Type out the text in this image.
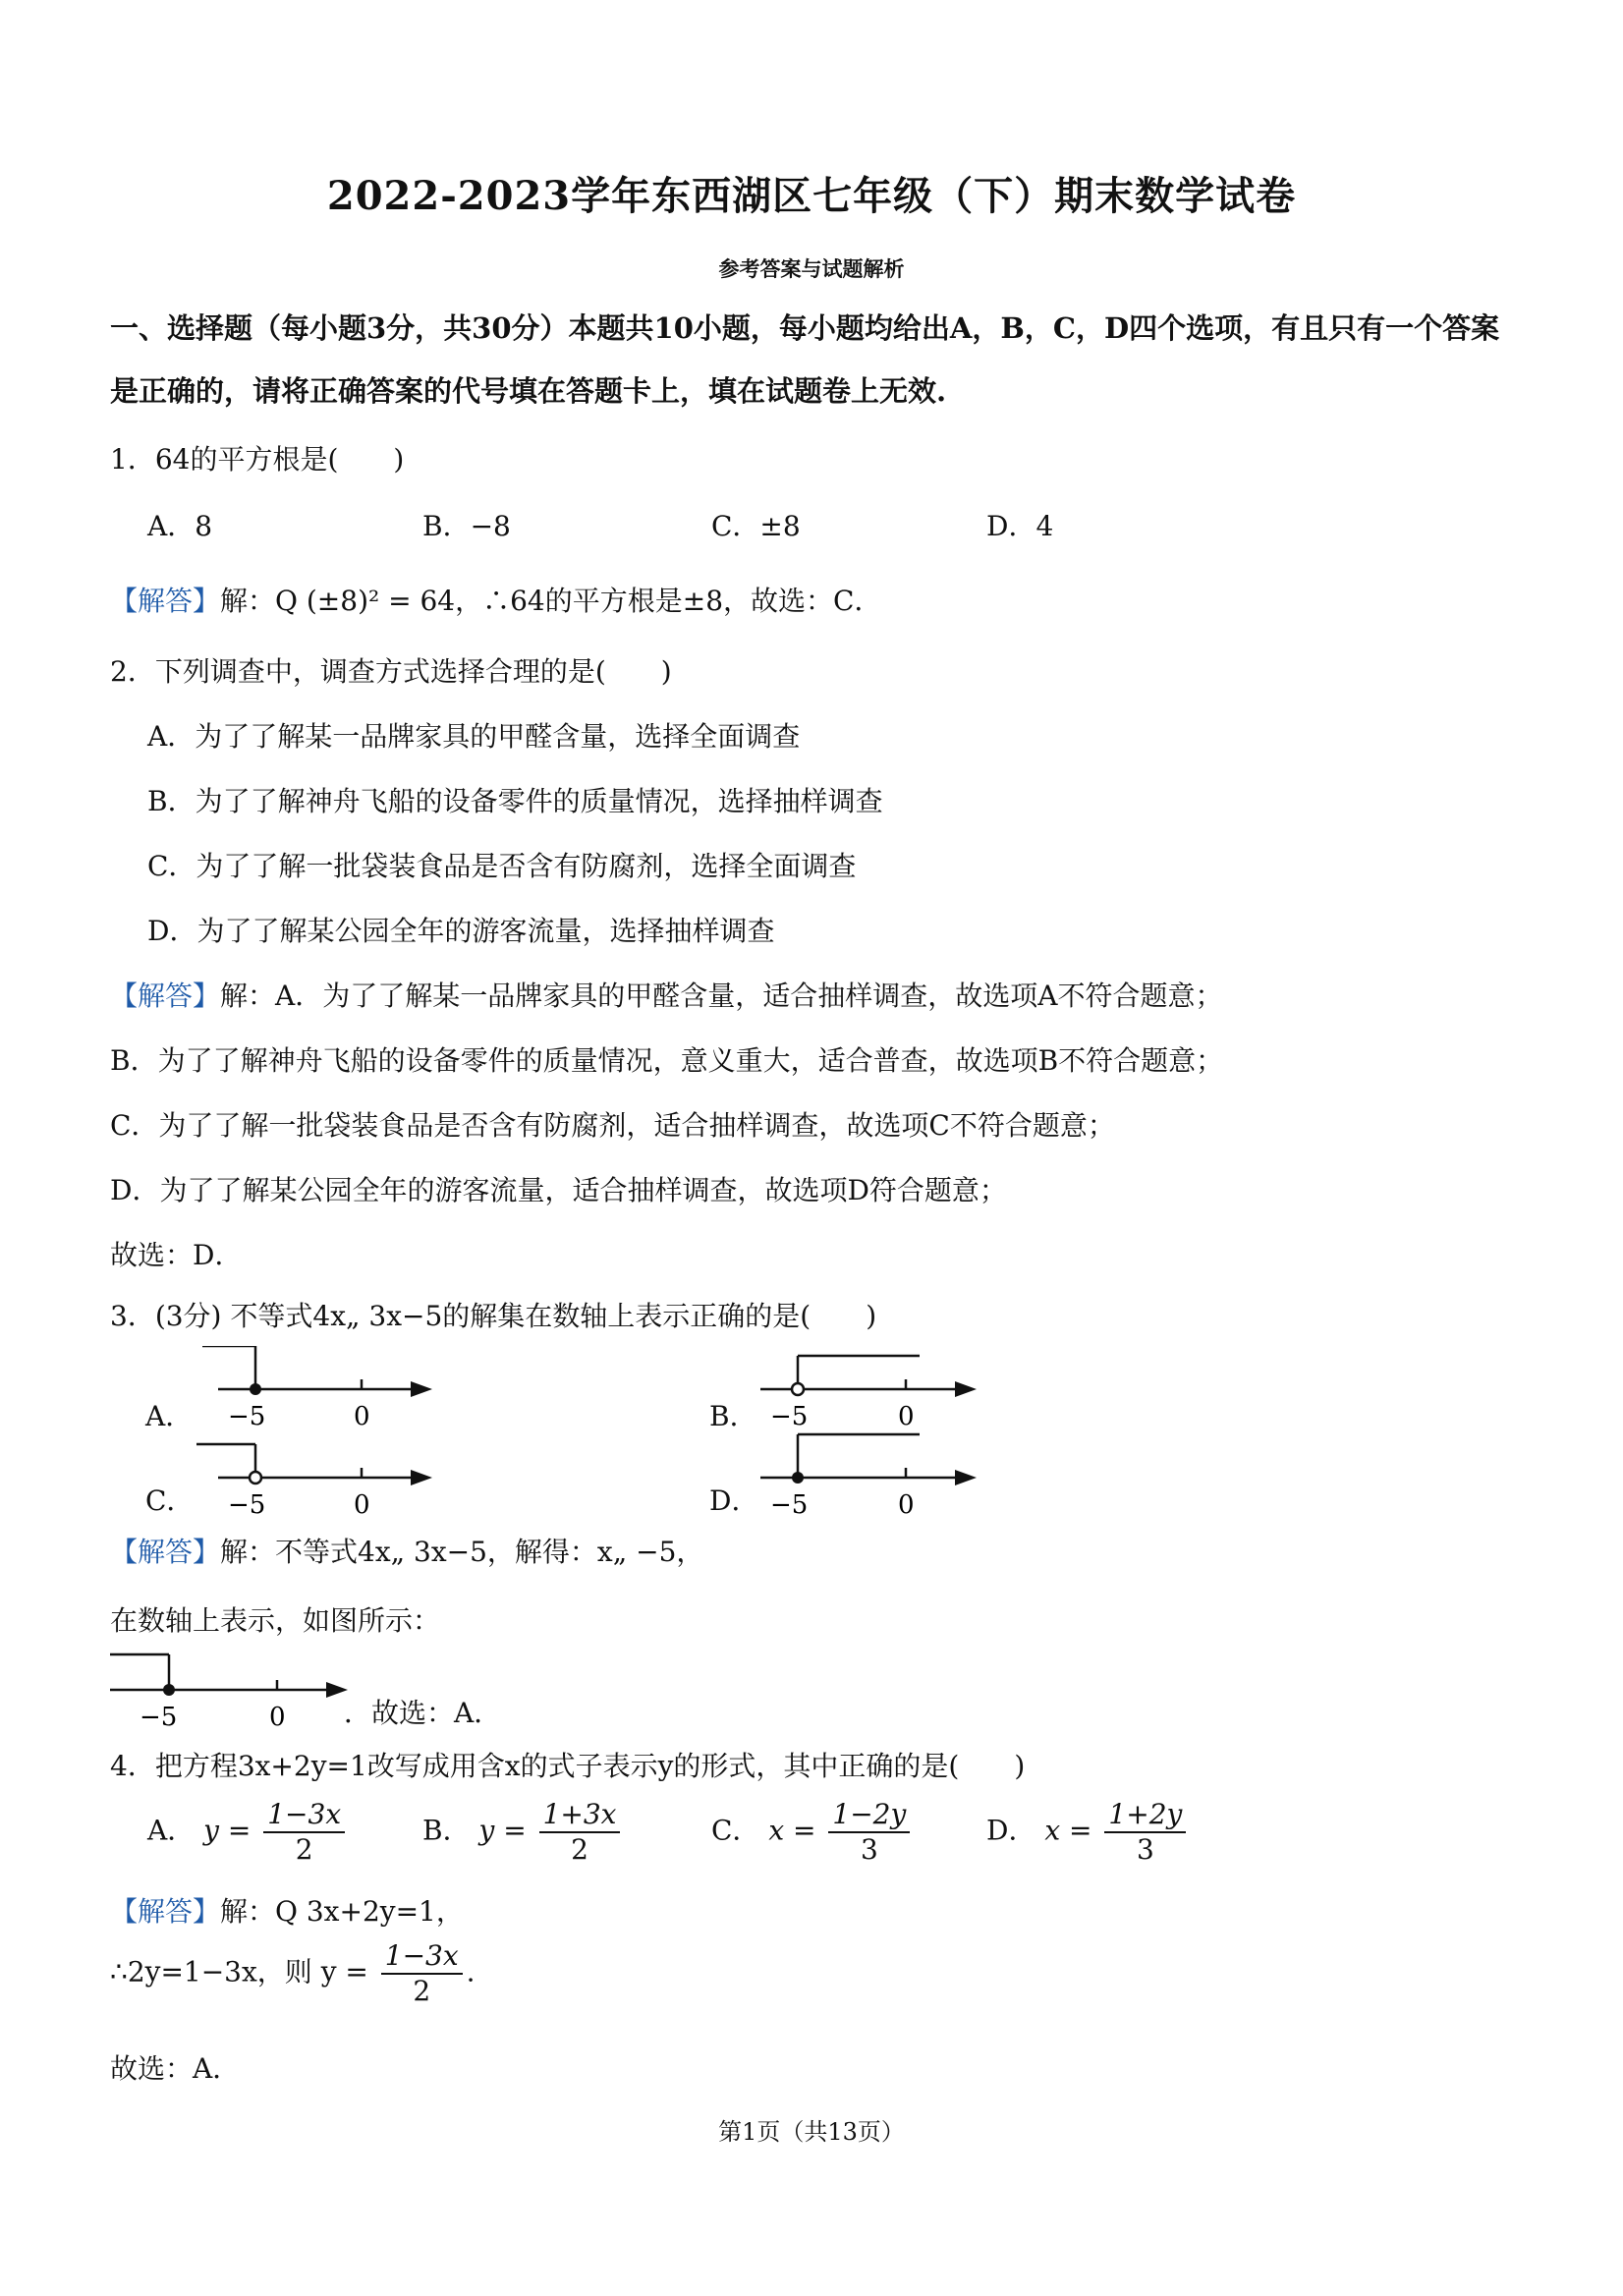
2022-2023学年东西湖区七年级（下）期末数学试卷
参考答案与试题解析
一、选择题（每小题3分，共30分）本题共10小题，每小题均给出A，B，C，D四个选项，有且只有一个答案
是正确的，请将正确答案的代号填在答题卡上，填在试题卷上无效.
1．64的平方根是(　　)
A．8	B．−8	C．±8	D．4
【解答】解：Q (±8)² = 64，∴64的平方根是±8，故选：C．
2．下列调查中，调查方式选择合理的是(　　)
A．为了了解某一品牌家具的甲醛含量，选择全面调查
B．为了了解神舟飞船的设备零件的质量情况，选择抽样调查
C．为了了解一批袋装食品是否含有防腐剂，选择全面调查
D．为了了解某公园全年的游客流量，选择抽样调查
【解答】解：A．为了了解某一品牌家具的甲醛含量，适合抽样调查，故选项A不符合题意；
B．为了了解神舟飞船的设备零件的质量情况，意义重大，适合普查，故选项B不符合题意；
C．为了了解一批袋装食品是否含有防腐剂，适合抽样调查，故选项C不符合题意；
D．为了了解某公园全年的游客流量，适合抽样调查，故选项D符合题意；
故选：D．
3．(3分) 不等式4x„ 3x−5的解集在数轴上表示正确的是(　　)
A． −5	0	B． −5	0
C． −5	0	D． −5	0
【解答】解：不等式4x„ 3x−5，解得：x„ −5，
在数轴上表示，如图所示：
−5	0 ．故选：A．
4．把方程3x+2y=1改写成用含x的式子表示y的形式，其中正确的是(　　)
A． $y = \frac{1-3x}{2}$	B． $y = \frac{1+3x}{2}$	C． $x = \frac{1-2y}{3}$	D． $x = \frac{1+2y}{3}$
【解答】解：Q 3x+2y=1，
∴2y=1−3x，则 $y = \frac{1-3x}{2}$ .
故选：A．
第1页（共13页）
